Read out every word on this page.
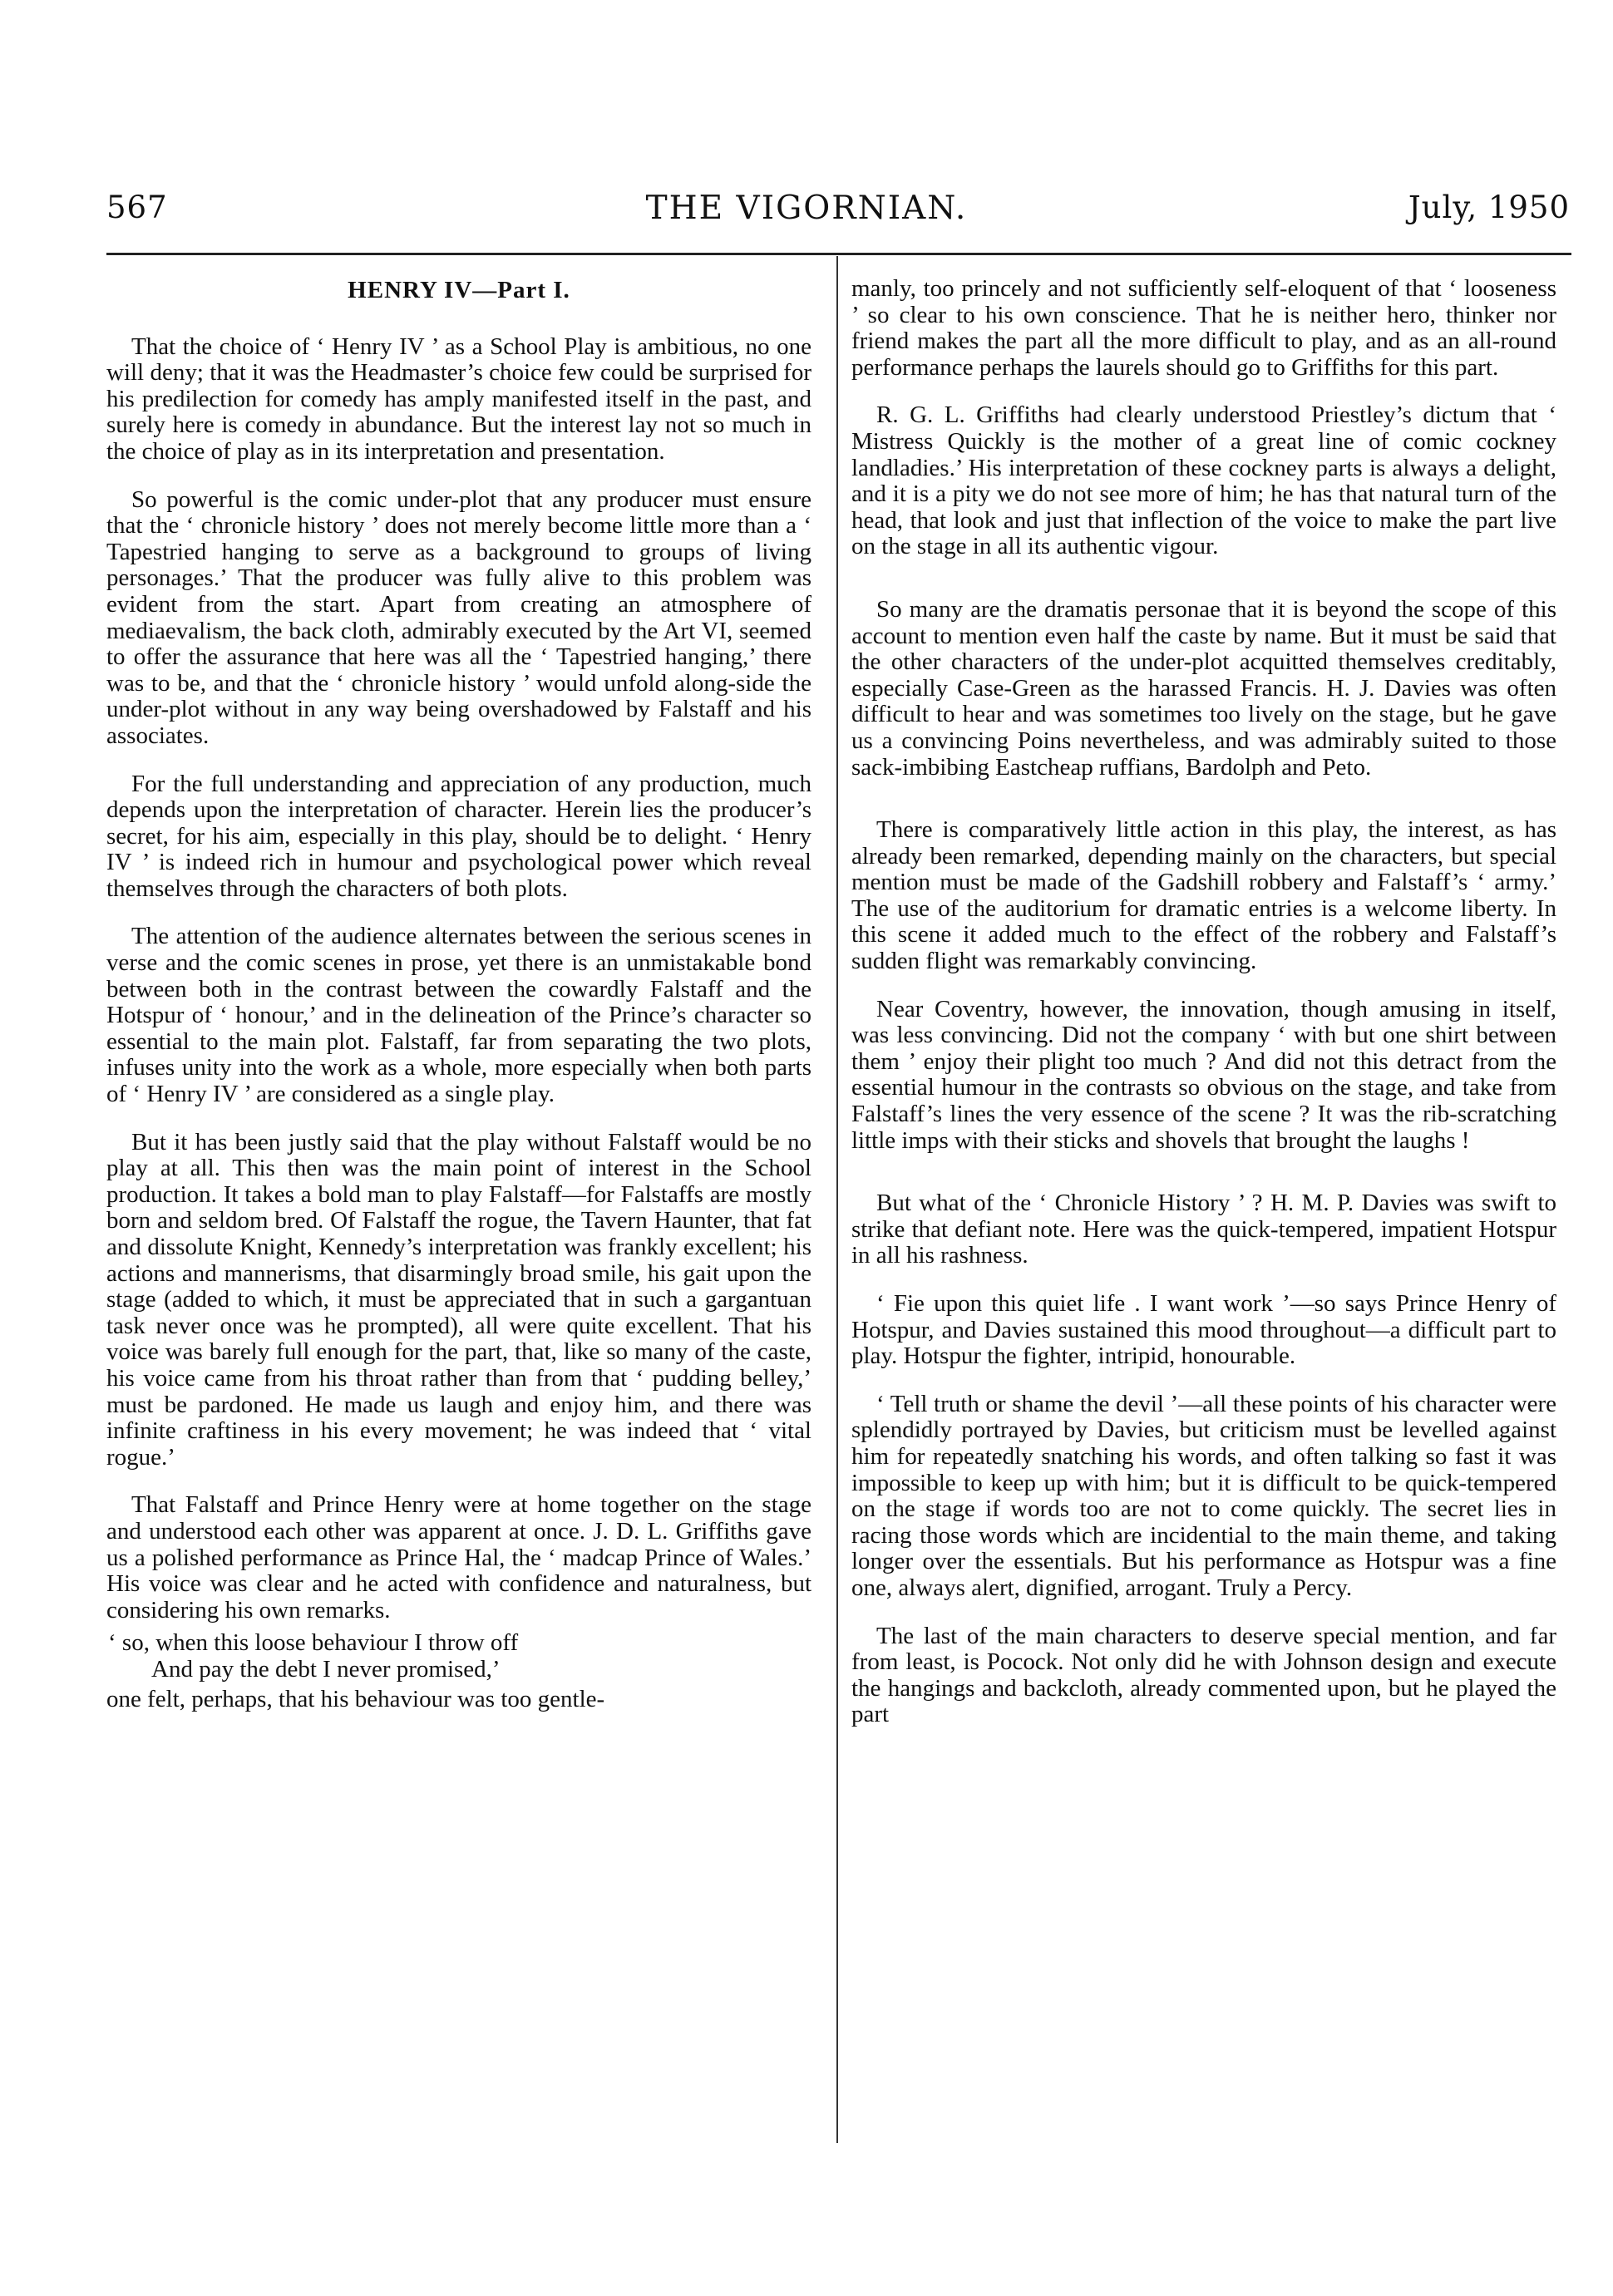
567	THE VIGORNIAN.	July, 1950
HENRY IV—Part I.

That the choice of ‘ Henry IV ’ as a School Play is ambitious, no one will deny; that it was the Headmaster’s choice few could be surprised for his predilection for comedy has amply manifested itself in the past, and surely here is comedy in abundance. But the interest lay not so much in the choice of play as in its interpretation and presentation.

So powerful is the comic under-plot that any producer must ensure that the ‘ chronicle history ’ does not merely become little more than a ‘ Tapestried hanging to serve as a background to groups of living personages.’ That the producer was fully alive to this problem was evident from the start. Apart from creating an atmosphere of mediaevalism, the back cloth, admirably executed by the Art VI, seemed to offer the assurance that here was all the ‘ Tapestried hanging,’ there was to be, and that the ‘ chronicle history ’ would unfold along-side the under-plot without in any way being overshadowed by Falstaff and his associates.

For the full understanding and appreciation of any production, much depends upon the interpretation of character. Herein lies the producer’s secret, for his aim, especially in this play, should be to delight. ‘ Henry IV ’ is indeed rich in humour and psychological power which reveal themselves through the characters of both plots.

The attention of the audience alternates between the serious scenes in verse and the comic scenes in prose, yet there is an unmistakable bond between both in the contrast between the cowardly Falstaff and the Hotspur of ‘ honour,’ and in the delineation of the Prince’s character so essential to the main plot. Falstaff, far from separating the two plots, infuses unity into the work as a whole, more especially when both parts of ‘ Henry IV ’ are considered as a single play.

But it has been justly said that the play without Falstaff would be no play at all. This then was the main point of interest in the School production. It takes a bold man to play Falstaff—for Falstaffs are mostly born and seldom bred. Of Falstaff the rogue, the Tavern Haunter, that fat and dissolute Knight, Kennedy’s interpretation was frankly excellent; his actions and mannerisms, that disarmingly broad smile, his gait upon the stage (added to which, it must be appreciated that in such a gargantuan task never once was he prompted), all were quite excellent. That his voice was barely full enough for the part, that, like so many of the caste, his voice came from his throat rather than from that ‘ pudding belley,’ must be pardoned. He made us laugh and enjoy him, and there was infinite craftiness in his every movement; he was indeed that ‘ vital rogue.’

That Falstaff and Prince Henry were at home together on the stage and understood each other was apparent at once. J. D. L. Griffiths gave us a polished performance as Prince Hal, the ‘ madcap Prince of Wales.’ His voice was clear and he acted with confidence and naturalness, but considering his own remarks.

‘ so, when this loose behaviour I throw off
And pay the debt I never promised,’

one felt, perhaps, that his behaviour was too gentle-

manly, too princely and not sufficiently self-eloquent of that ‘ looseness ’ so clear to his own conscience. That he is neither hero, thinker nor friend makes the part all the more difficult to play, and as an all-round performance perhaps the laurels should go to Griffiths for this part.

R. G. L. Griffiths had clearly understood Priestley’s dictum that ‘ Mistress Quickly is the mother of a great line of comic cockney landladies.’ His interpretation of these cockney parts is always a delight, and it is a pity we do not see more of him; he has that natural turn of the head, that look and just that inflection of the voice to make the part live on the stage in all its authentic vigour.

So many are the dramatis personae that it is beyond the scope of this account to mention even half the caste by name. But it must be said that the other characters of the under-plot acquitted themselves creditably, especially Case-Green as the harassed Francis. H. J. Davies was often difficult to hear and was sometimes too lively on the stage, but he gave us a convincing Poins nevertheless, and was admirably suited to those sack-imbibing Eastcheap ruffians, Bardolph and Peto.

There is comparatively little action in this play, the interest, as has already been remarked, depending mainly on the characters, but special mention must be made of the Gadshill robbery and Falstaff’s ‘ army.’ The use of the auditorium for dramatic entries is a welcome liberty. In this scene it added much to the effect of the robbery and Falstaff’s sudden flight was remarkably convincing.

Near Coventry, however, the innovation, though amusing in itself, was less convincing. Did not the company ‘ with but one shirt between them ’ enjoy their plight too much ? And did not this detract from the essential humour in the contrasts so obvious on the stage, and take from Falstaff’s lines the very essence of the scene ? It was the rib-scratching little imps with their sticks and shovels that brought the laughs !

But what of the ‘ Chronicle History ’ ? H. M. P. Davies was swift to strike that defiant note. Here was the quick-tempered, impatient Hotspur in all his rashness.

‘ Fie upon this quiet life . I want work ’—so says Prince Henry of Hotspur, and Davies sustained this mood throughout—a difficult part to play. Hotspur the fighter, intripid, honourable.

‘ Tell truth or shame the devil ’—all these points of his character were splendidly portrayed by Davies, but criticism must be levelled against him for repeatedly snatching his words, and often talking so fast it was impossible to keep up with him; but it is difficult to be quick-tempered on the stage if words too are not to come quickly. The secret lies in racing those words which are incidential to the main theme, and taking longer over the essentials. But his performance as Hotspur was a fine one, always alert, dignified, arrogant. Truly a Percy.

The last of the main characters to deserve special mention, and far from least, is Pocock. Not only did he with Johnson design and execute the hangings and backcloth, already commented upon, but he played the part
